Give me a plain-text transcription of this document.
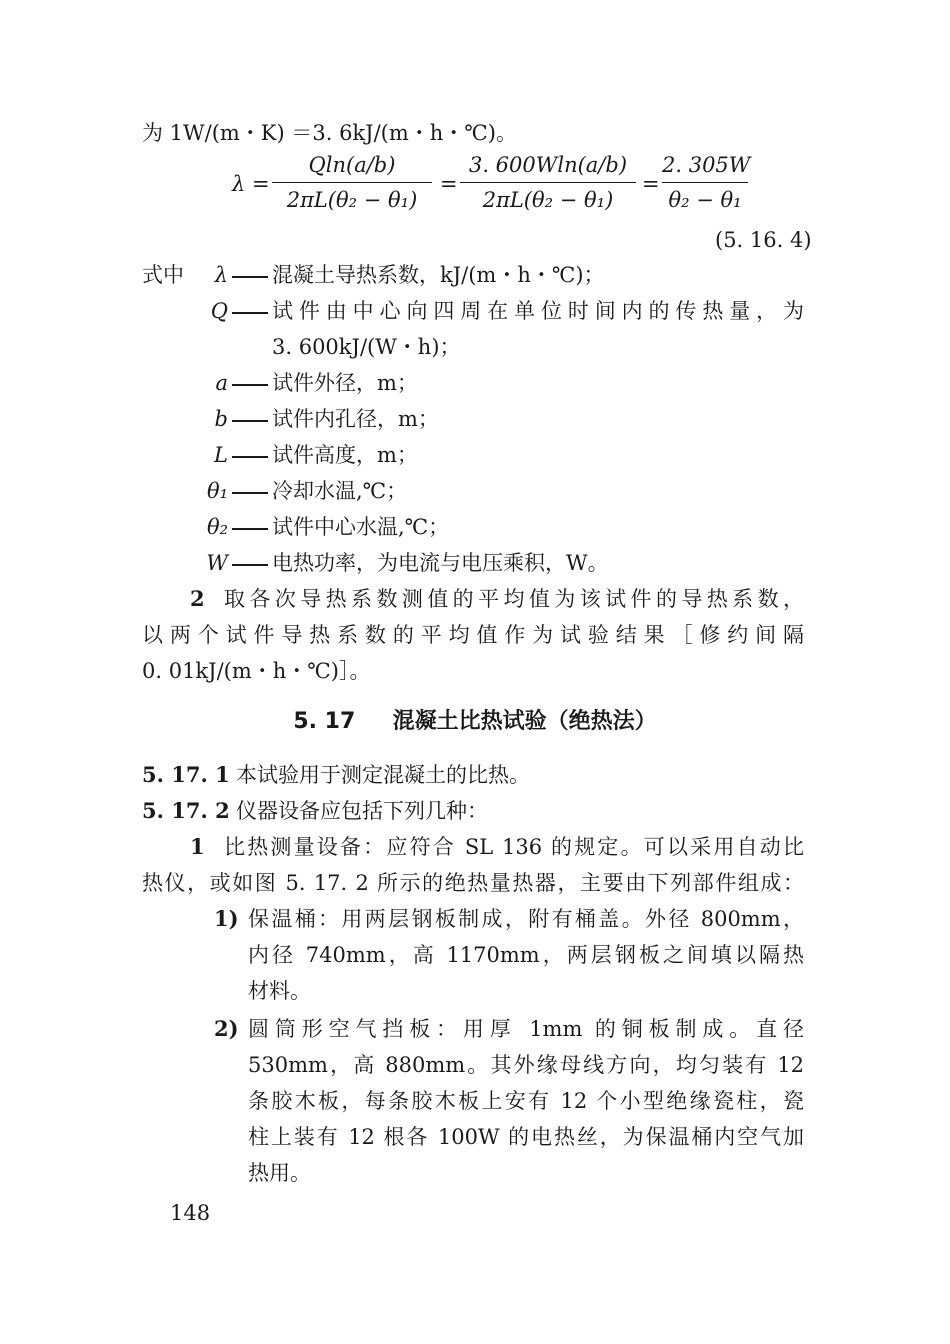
为 1W/(m・K) ＝3. 6kJ/(m・h・℃)。
λ =
Qln(a/b)
2πL(θ₂ − θ₁)
=
3. 600Wln(a/b)
2πL(θ₂ − θ₁)
=
2. 305W
θ₂ − θ₁
(5. 16. 4)
式中	λ 混凝土导热系数，kJ/(m・h・℃)；
Q 试件由中心向四周在单位时间内的传热量，为
3. 600kJ/(W・h)；
a 试件外径，m；
b 试件内孔径，m；
L 试件高度，m；
θ₁ 冷却水温,℃；
θ₂ 试件中心水温,℃；
W 电热功率，为电流与电压乘积，W。
2 取各次导热系数测值的平均值为该试件的导热系数，
以两个试件导热系数的平均值作为试验结果［修约间隔
0. 01kJ/(m・h・℃)］。
5. 17 混凝土比热试验（绝热法）
5. 17. 1 本试验用于测定混凝土的比热。
5. 17. 2 仪器设备应包括下列几种：
1 比热测量设备：应符合 SL 136 的规定。可以采用自动比
热仪，或如图 5. 17. 2 所示的绝热量热器，主要由下列部件组成：
1) 保温桶：用两层钢板制成，附有桶盖。外径 800mm，
内径 740mm，高 1170mm，两层钢板之间填以隔热
材料。
2) 圆筒形空气挡板：用厚 1mm 的铜板制成。直径
530mm，高 880mm。其外缘母线方向，均匀装有 12
条胶木板，每条胶木板上安有 12 个小型绝缘瓷柱，瓷
柱上装有 12 根各 100W 的电热丝，为保温桶内空气加
热用。
148
